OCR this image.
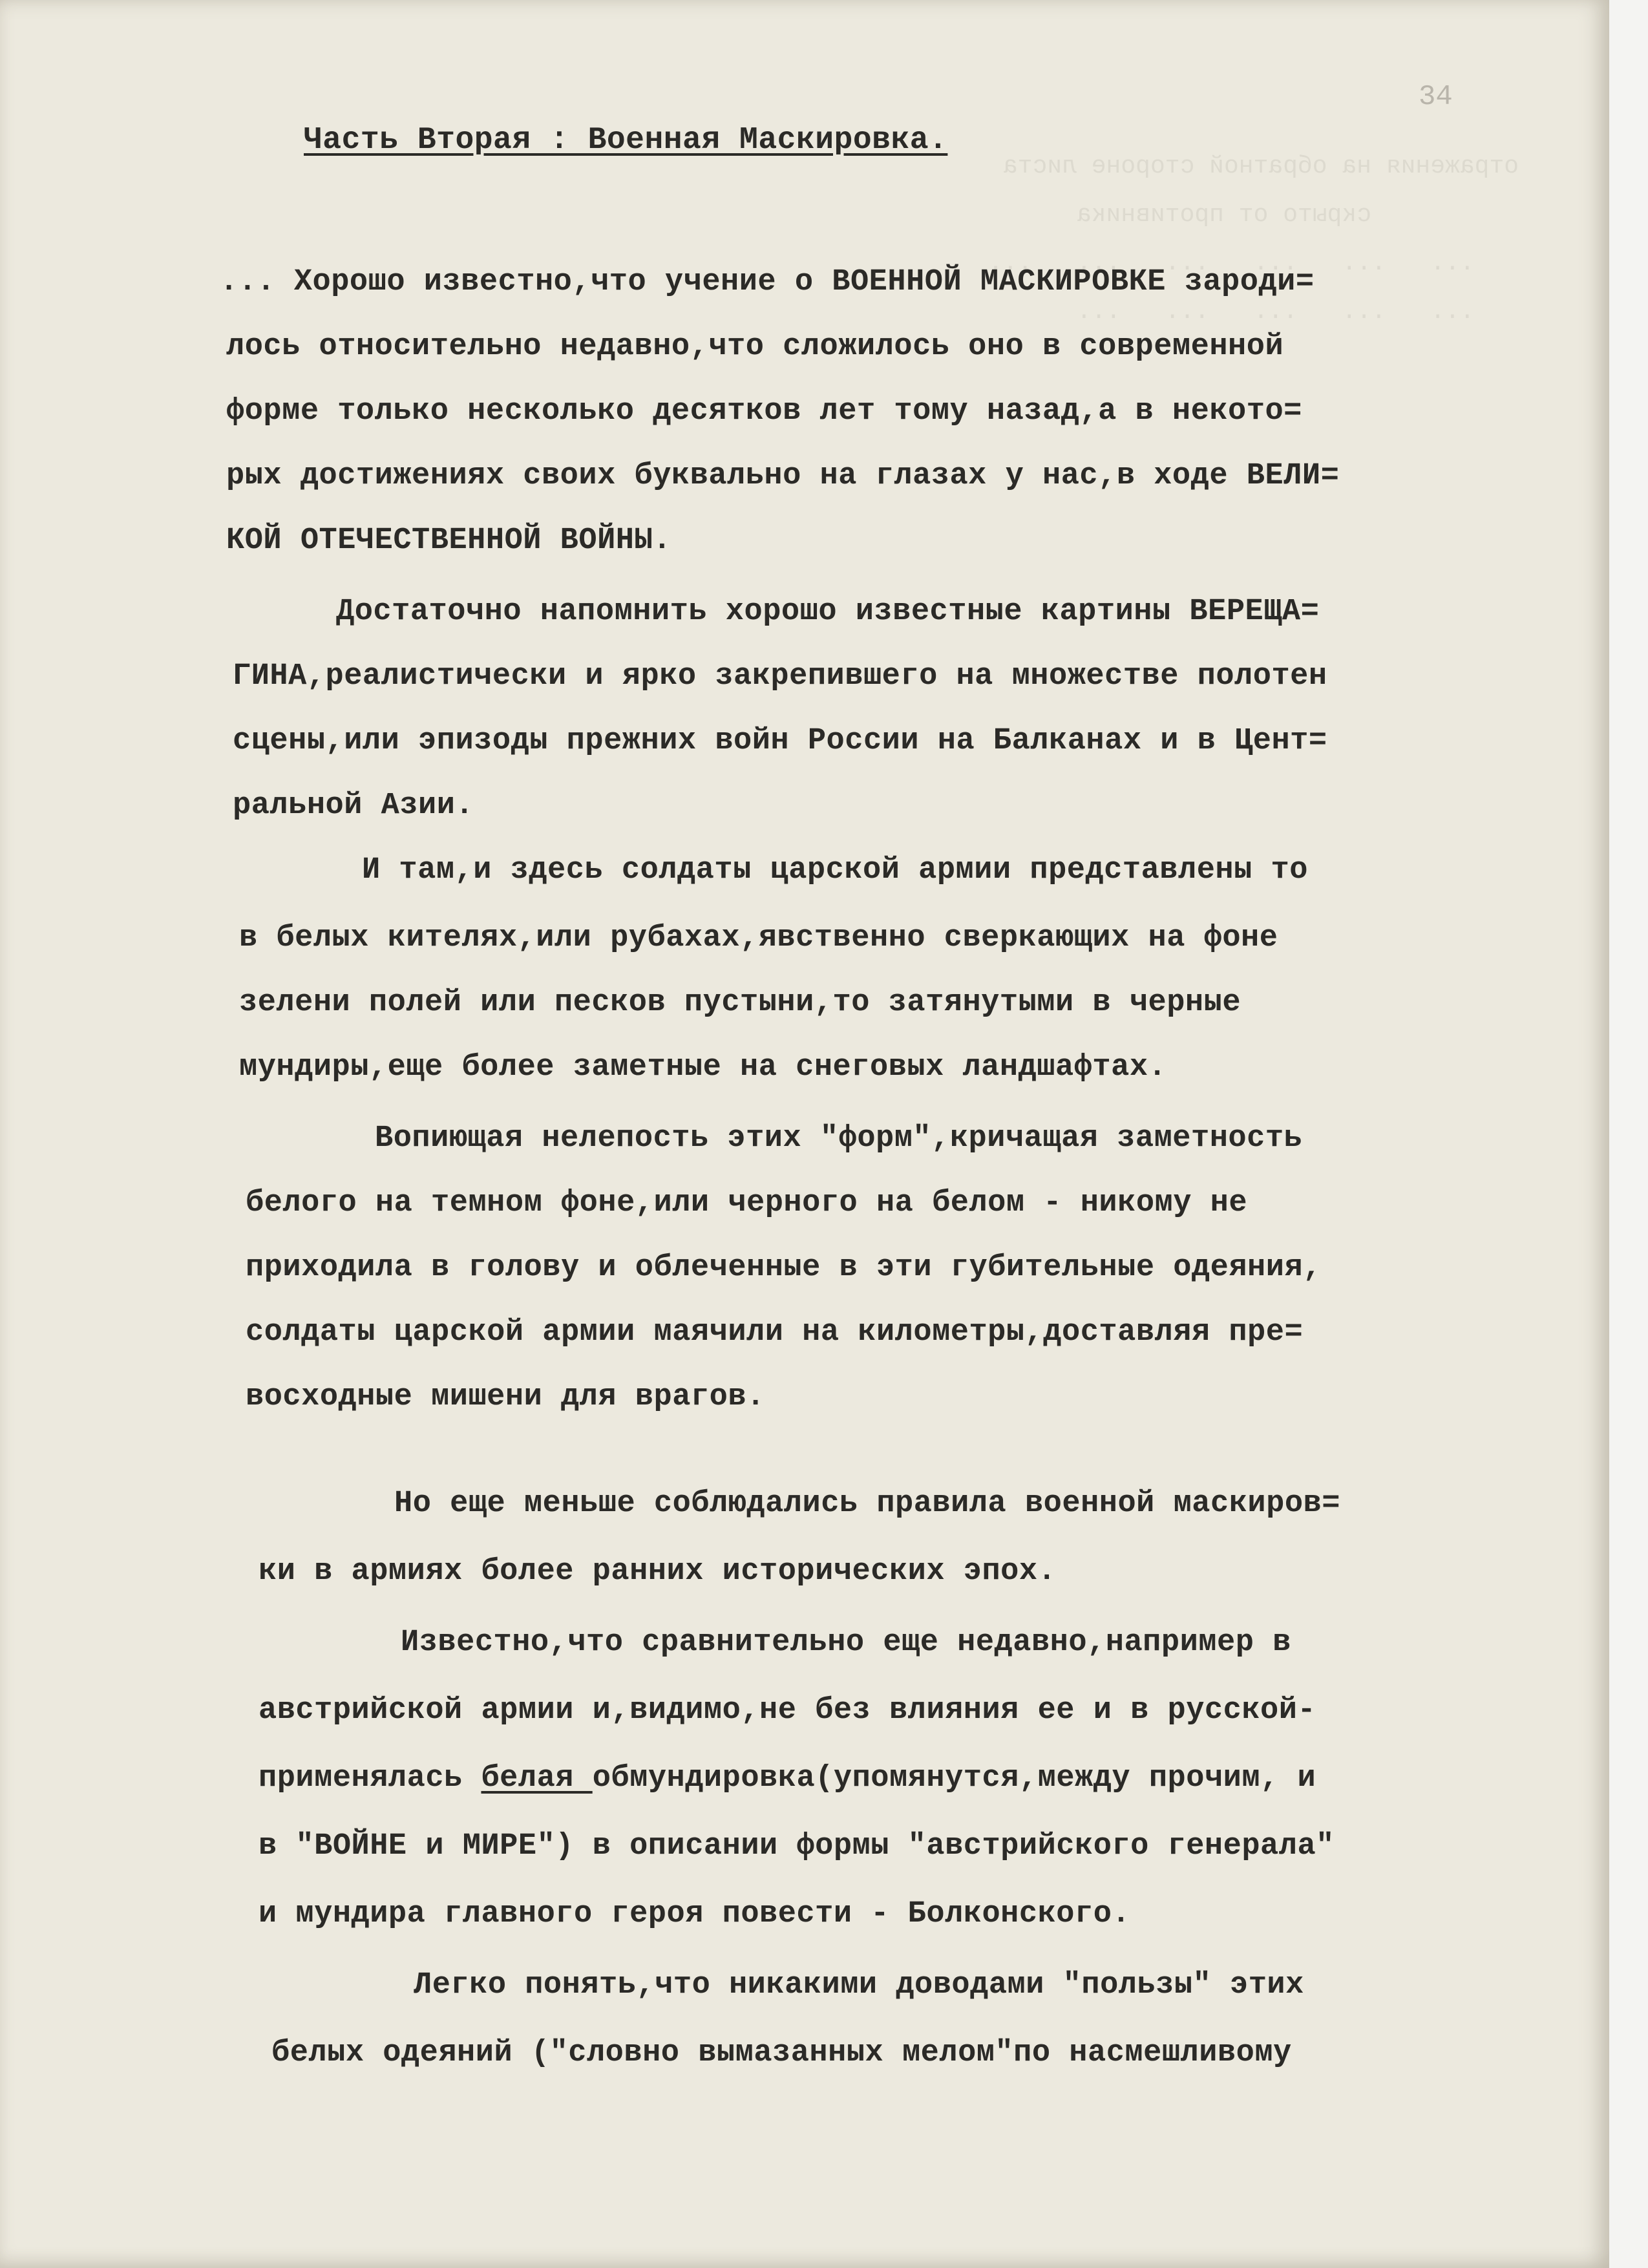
34
отражения на обратной стороне листа
скрыто от противника
...   ...   ...   ...   ...   ...
...   ...   ...   ...   ...
Часть Вторая : Военная Маскировка.
... Хорошо известно,что учение о ВОЕННОЙ МАСКИРОВКЕ зароди=
лось относительно недавно,что сложилось оно в современной
форме только несколько десятков лет тому назад,а в некото=
рых достижениях своих буквально на глазах у нас,в ходе ВЕЛИ=
КОЙ ОТЕЧЕСТВЕННОЙ ВОЙНЫ.
Достаточно напомнить хорошо известные картины ВЕРЕЩА=
ГИНА,реалистически и ярко закрепившего на множестве полотен
сцены,или эпизоды прежних войн России на Балканах и в Цент=
ральной Азии.
И там,и здесь солдаты царской армии представлены то
в белых кителях,или рубахах,явственно сверкающих на фоне
зелени полей или песков пустыни,то затянутыми в черные
мундиры,еще более заметные на снеговых ландшафтах.
Вопиющая нелепость этих "форм",кричащая заметность
белого на темном фоне,или черного на белом - никому не
приходила в голову и облеченные в эти губительные одеяния,
солдаты царской армии маячили на километры,доставляя пре=
восходные мишени для врагов.
Но еще меньше соблюдались правила военной маскиров=
ки в армиях более ранних исторических эпох.
Известно,что сравнительно еще недавно,например в
австрийской армии и,видимо,не без влияния ее и в русской-
применялась белая обмундировка(упомянутся,между прочим, и
в "ВОЙНЕ и МИРЕ") в описании формы "австрийского генерала"
и мундира главного героя повести - Болконского.
Легко понять,что никакими доводами "пользы" этих
белых одеяний ("словно вымазанных мелом"по насмешливому
